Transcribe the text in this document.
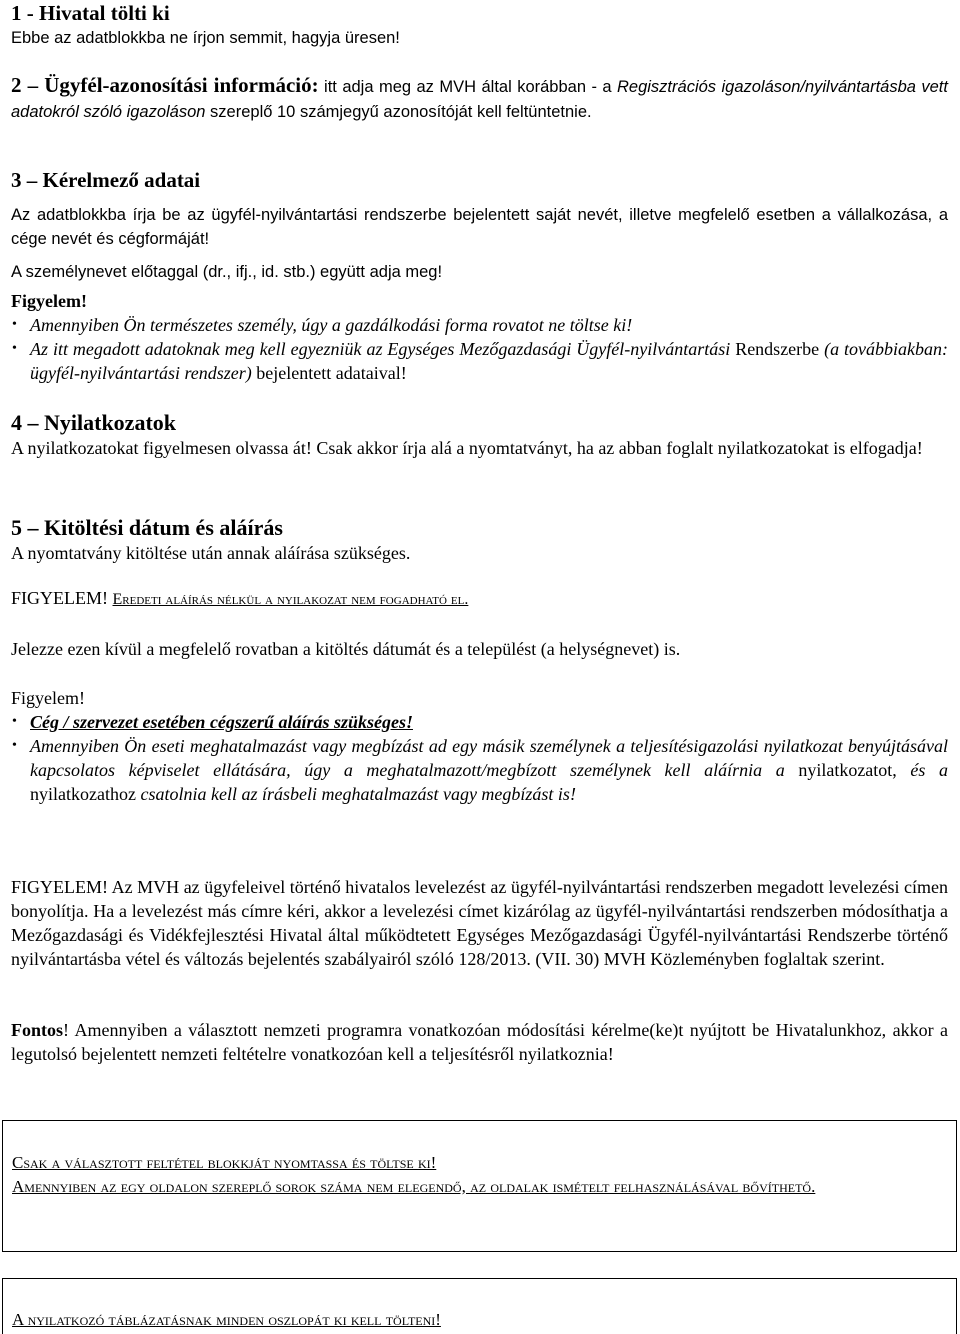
1 - Hivatal tölti ki
Ebbe az adatblokkba ne írjon semmit, hagyja üresen!
2 – Ügyfél-azonosítási információ: itt adja meg az MVH által korábban - a Regisztrációs igazoláson/nyilvántartásba vett adatokról szóló igazoláson szereplő 10 számjegyű azonosítóját kell feltüntetnie.
3 – Kérelmező adatai
Az adatblokkba írja be az ügyfél-nyilvántartási rendszerbe bejelentett saját nevét, illetve megfelelő esetben a vállalkozása, a cége nevét és cégformáját!
A személynevet előtaggal (dr., ifj., id. stb.) együtt adja meg!
Figyelem!
• Amennyiben Ön természetes személy, úgy a gazdálkodási forma rovatot ne töltse ki!
• Az itt megadott adatoknak meg kell egyezniük az Egységes Mezőgazdasági Ügyfél-nyilvántartási Rendszerbe (a továbbiakban: ügyfél-nyilvántartási rendszer) bejelentett adataival!
4 – Nyilatkozatok
A nyilatkozatokat figyelmesen olvassa át! Csak akkor írja alá a nyomtatványt, ha az abban foglalt nyilatkozatokat is elfogadja!
5 – Kitöltési dátum és aláírás
A nyomtatvány kitöltése után annak aláírása szükséges.
FIGYELEM! Eredeti aláírás nélkül a nyilakozat nem fogadható el.
Jelezze ezen kívül a megfelelő rovatban a kitöltés dátumát és a települést (a helységnevet) is.
Figyelem!
• Cég / szervezet esetében cégszerű aláírás szükséges!
• Amennyiben Ön eseti meghatalmazást vagy megbízást ad egy másik személynek a teljesítésigazolási nyilatkozat benyújtásával kapcsolatos képviselet ellátására, úgy a meghatalmazott/megbízott személynek kell aláírnia a nyilatkozatot, és a nyilatkozathoz csatolnia kell az írásbeli meghatalmazást vagy megbízást is!
FIGYELEM! Az MVH az ügyfeleivel történő hivatalos levelezést az ügyfél-nyilvántartási rendszerben megadott levelezési címen bonyolítja. Ha a levelezést más címre kéri, akkor a levelezési címet kizárólag az ügyfél-nyilvántartási rendszerben módosíthatja a Mezőgazdasági és Vidékfejlesztési Hivatal által működtetett Egységes Mezőgazdasági Ügyfél-nyilvántartási Rendszerbe történő nyilvántartásba vétel és változás bejelentés szabályairól szóló 128/2013. (VII. 30) MVH Közleményben foglaltak szerint.
Fontos! Amennyiben a választott nemzeti programra vonatkozóan módosítási kérelme(ke)t nyújtott be Hivatalunkhoz, akkor a legutolsó bejelentett nemzeti feltételre vonatkozóan kell a teljesítésről nyilatkoznia!
Csak a választott feltétel blokkját nyomtassa és töltse ki!
Amennyiben az egy oldalon szereplő sorok száma nem elegendő, az oldalak ismételt felhasználásával bővíthető.
A nyilatkozó táblázatásnak minden oszlopát ki kell tölteni!
